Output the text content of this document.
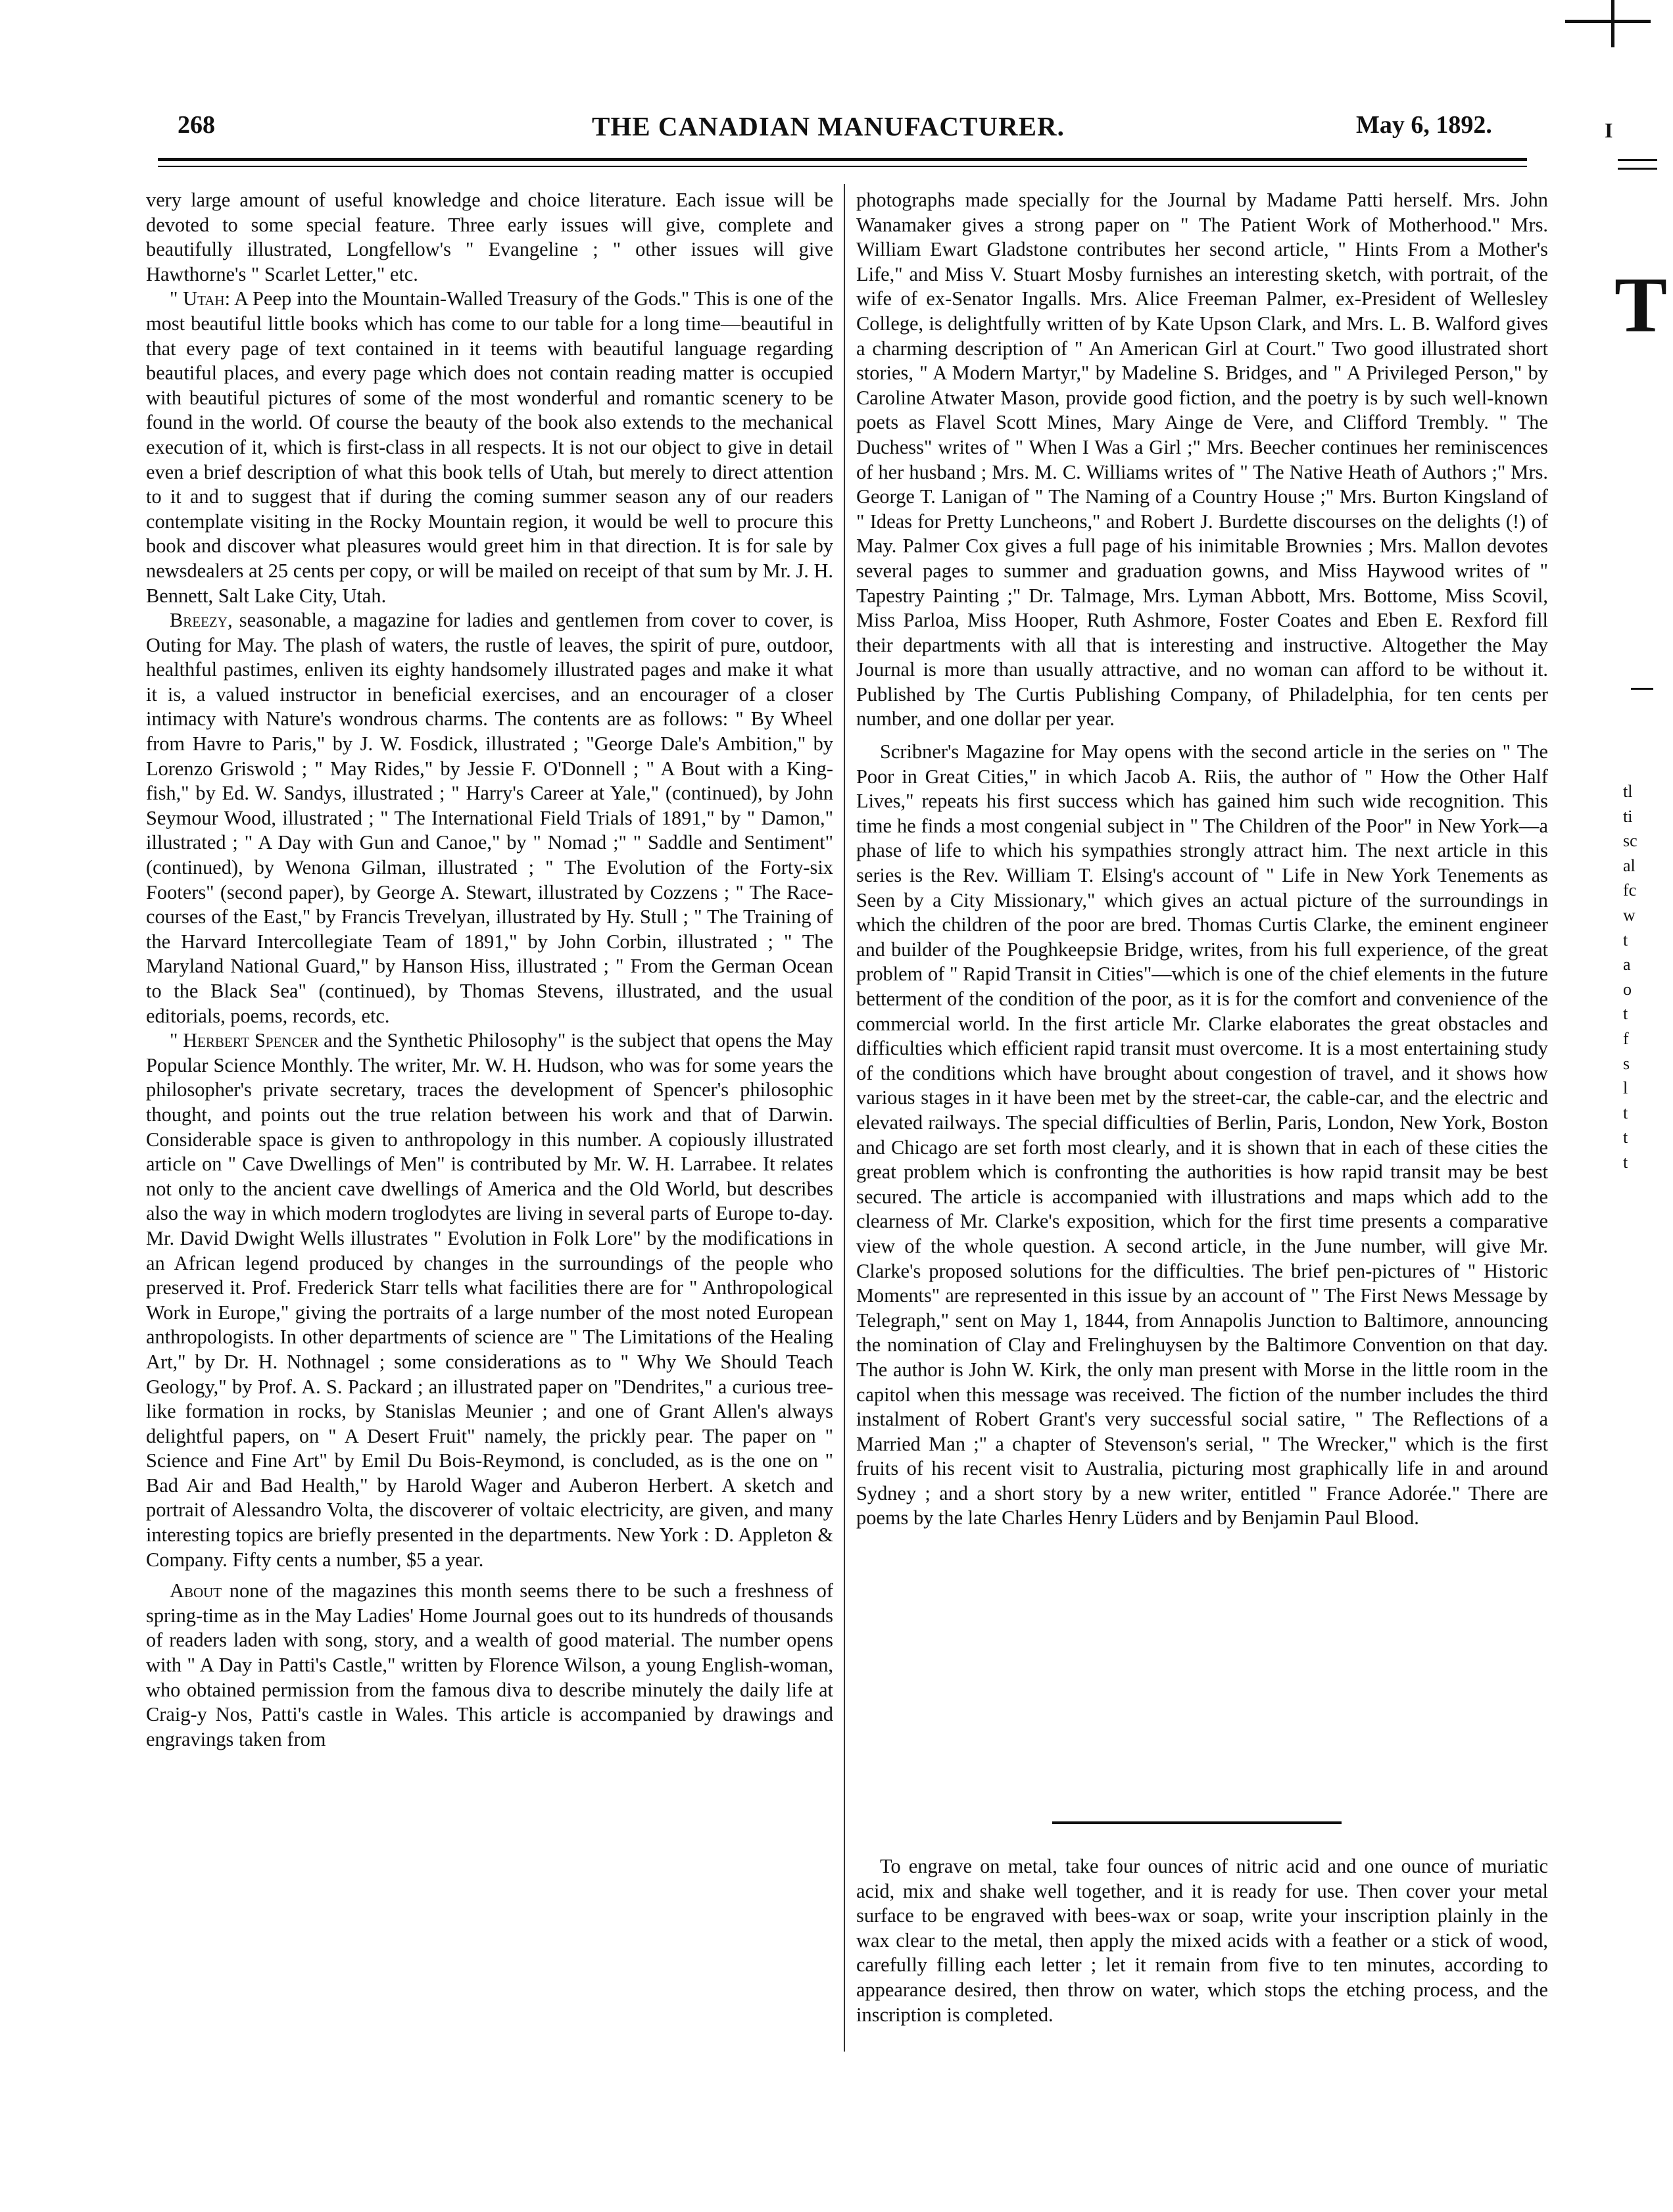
268	THE CANADIAN MANUFACTURER.	May 6, 1892.	I

very large amount of useful knowledge and choice literature. Each issue will be devoted to some special feature. Three early issues will give, complete and beautifully illustrated, Longfellow's " Evangeline ; " other issues will give Hawthorne's " Scarlet Letter," etc.

" Utah: A Peep into the Mountain-Walled Treasury of the Gods." This is one of the most beautiful little books which has come to our table for a long time—beautiful in that every page of text contained in it teems with beautiful language regarding beautiful places, and every page which does not contain reading matter is occupied with beautiful pictures of some of the most wonderful and romantic scenery to be found in the world. Of course the beauty of the book also extends to the mechanical execution of it, which is first-class in all respects. It is not our object to give in detail even a brief description of what this book tells of Utah, but merely to direct attention to it and to suggest that if during the coming summer season any of our readers contemplate visiting in the Rocky Mountain region, it would be well to procure this book and discover what pleasures would greet him in that direction. It is for sale by newsdealers at 25 cents per copy, or will be mailed on receipt of that sum by Mr. J. H. Bennett, Salt Lake City, Utah.

Breezy, seasonable, a magazine for ladies and gentlemen from cover to cover, is Outing for May. The plash of waters, the rustle of leaves, the spirit of pure, outdoor, healthful pastimes, enliven its eighty handsomely illustrated pages and make it what it is, a valued instructor in beneficial exercises, and an encourager of a closer intimacy with Nature's wondrous charms. The contents are as follows: " By Wheel from Havre to Paris," by J. W. Fosdick, illustrated ; "George Dale's Ambition," by Lorenzo Griswold ; " May Rides," by Jessie F. O'Donnell ; " A Bout with a King-fish," by Ed. W. Sandys, illustrated ; " Harry's Career at Yale," (continued), by John Seymour Wood, illustrated ; " The International Field Trials of 1891," by " Damon," illustrated ; " A Day with Gun and Canoe," by " Nomad ;" " Saddle and Sentiment" (continued), by Wenona Gilman, illustrated ; " The Evolution of the Forty-six Footers" (second paper), by George A. Stewart, illustrated by Cozzens ; " The Race-courses of the East," by Francis Trevelyan, illustrated by Hy. Stull ; " The Training of the Harvard Intercollegiate Team of 1891," by John Corbin, illustrated ; " The Maryland National Guard," by Hanson Hiss, illustrated ; " From the German Ocean to the Black Sea" (continued), by Thomas Stevens, illustrated, and the usual editorials, poems, records, etc.

" Herbert Spencer and the Synthetic Philosophy" is the subject that opens the May Popular Science Monthly. The writer, Mr. W. H. Hudson, who was for some years the philosopher's private secretary, traces the development of Spencer's philosophic thought, and points out the true relation between his work and that of Darwin. Considerable space is given to anthropology in this number. A copiously illustrated article on " Cave Dwellings of Men" is contributed by Mr. W. H. Larrabee. It relates not only to the ancient cave dwellings of America and the Old World, but describes also the way in which modern troglodytes are living in several parts of Europe to-day. Mr. David Dwight Wells illustrates " Evolution in Folk Lore" by the modifications in an African legend produced by changes in the surroundings of the people who preserved it. Prof. Frederick Starr tells what facilities there are for " Anthropological Work in Europe," giving the portraits of a large number of the most noted European anthropologists. In other departments of science are " The Limitations of the Healing Art," by Dr. H. Nothnagel ; some considerations as to " Why We Should Teach Geology," by Prof. A. S. Packard ; an illustrated paper on "Dendrites," a curious tree-like formation in rocks, by Stanislas Meunier ; and one of Grant Allen's always delightful papers, on " A Desert Fruit" namely, the prickly pear. The paper on " Science and Fine Art" by Emil Du Bois-Reymond, is concluded, as is the one on " Bad Air and Bad Health," by Harold Wager and Auberon Herbert. A sketch and portrait of Alessandro Volta, the discoverer of voltaic electricity, are given, and many interesting topics are briefly presented in the departments. New York : D. Appleton & Company. Fifty cents a number, $5 a year.

About none of the magazines this month seems there to be such a freshness of spring-time as in the May Ladies' Home Journal goes out to its hundreds of thousands of readers laden with song, story, and a wealth of good material. The number opens with " A Day in Patti's Castle," written by Florence Wilson, a young English-woman, who obtained permission from the famous diva to describe minutely the daily life at Craig-y Nos, Patti's castle in Wales. This article is accompanied by drawings and engravings taken from

photographs made specially for the Journal by Madame Patti herself. Mrs. John Wanamaker gives a strong paper on " The Patient Work of Motherhood." Mrs. William Ewart Gladstone contributes her second article, " Hints From a Mother's Life," and Miss V. Stuart Mosby furnishes an interesting sketch, with portrait, of the wife of ex-Senator Ingalls. Mrs. Alice Freeman Palmer, ex-President of Wellesley College, is delightfully written of by Kate Upson Clark, and Mrs. L. B. Walford gives a charming description of " An American Girl at Court." Two good illustrated short stories, " A Modern Martyr," by Madeline S. Bridges, and " A Privileged Person," by Caroline Atwater Mason, provide good fiction, and the poetry is by such well-known poets as Flavel Scott Mines, Mary Ainge de Vere, and Clifford Trembly. " The Duchess" writes of " When I Was a Girl ;" Mrs. Beecher continues her reminiscences of her husband ; Mrs. M. C. Williams writes of " The Native Heath of Authors ;" Mrs. George T. Lanigan of " The Naming of a Country House ;" Mrs. Burton Kingsland of " Ideas for Pretty Luncheons," and Robert J. Burdette discourses on the delights (!) of May. Palmer Cox gives a full page of his inimitable Brownies ; Mrs. Mallon devotes several pages to summer and graduation gowns, and Miss Haywood writes of " Tapestry Painting ;" Dr. Talmage, Mrs. Lyman Abbott, Mrs. Bottome, Miss Scovil, Miss Parloa, Miss Hooper, Ruth Ashmore, Foster Coates and Eben E. Rexford fill their departments with all that is interesting and instructive. Altogether the May Journal is more than usually attractive, and no woman can afford to be without it. Published by The Curtis Publishing Company, of Philadelphia, for ten cents per number, and one dollar per year.

Scribner's Magazine for May opens with the second article in the series on " The Poor in Great Cities," in which Jacob A. Riis, the author of " How the Other Half Lives," repeats his first success which has gained him such wide recognition. This time he finds a most congenial subject in " The Children of the Poor" in New York—a phase of life to which his sympathies strongly attract him. The next article in this series is the Rev. William T. Elsing's account of " Life in New York Tenements as Seen by a City Missionary," which gives an actual picture of the surroundings in which the children of the poor are bred. Thomas Curtis Clarke, the eminent engineer and builder of the Poughkeepsie Bridge, writes, from his full experience, of the great problem of " Rapid Transit in Cities"—which is one of the chief elements in the future betterment of the condition of the poor, as it is for the comfort and convenience of the commercial world. In the first article Mr. Clarke elaborates the great obstacles and difficulties which efficient rapid transit must overcome. It is a most entertaining study of the conditions which have brought about congestion of travel, and it shows how various stages in it have been met by the street-car, the cable-car, and the electric and elevated railways. The special difficulties of Berlin, Paris, London, New York, Boston and Chicago are set forth most clearly, and it is shown that in each of these cities the great problem which is confronting the authorities is how rapid transit may be best secured. The article is accompanied with illustrations and maps which add to the clearness of Mr. Clarke's exposition, which for the first time presents a comparative view of the whole question. A second article, in the June number, will give Mr. Clarke's proposed solutions for the difficulties. The brief pen-pictures of " Historic Moments" are represented in this issue by an account of " The First News Message by Telegraph," sent on May 1, 1844, from Annapolis Junction to Baltimore, announcing the nomination of Clay and Frelinghuysen by the Baltimore Convention on that day. The author is John W. Kirk, the only man present with Morse in the little room in the capitol when this message was received. The fiction of the number includes the third instalment of Robert Grant's very successful social satire, " The Reflections of a Married Man ;" a chapter of Stevenson's serial, " The Wrecker," which is the first fruits of his recent visit to Australia, picturing most graphically life in and around Sydney ; and a short story by a new writer, entitled " France Adorée." There are poems by the late Charles Henry Lüders and by Benjamin Paul Blood.

To engrave on metal, take four ounces of nitric acid and one ounce of muriatic acid, mix and shake well together, and it is ready for use. Then cover your metal surface to be engraved with bees-wax or soap, write your inscription plainly in the wax clear to the metal, then apply the mixed acids with a feather or a stick of wood, carefully filling each letter ; let it remain from five to ten minutes, according to appearance desired, then throw on water, which stops the etching process, and the inscription is completed.

T
tl
ti
sc
al
fc
w
t
a
o
t
f
s
l
t
t
t
